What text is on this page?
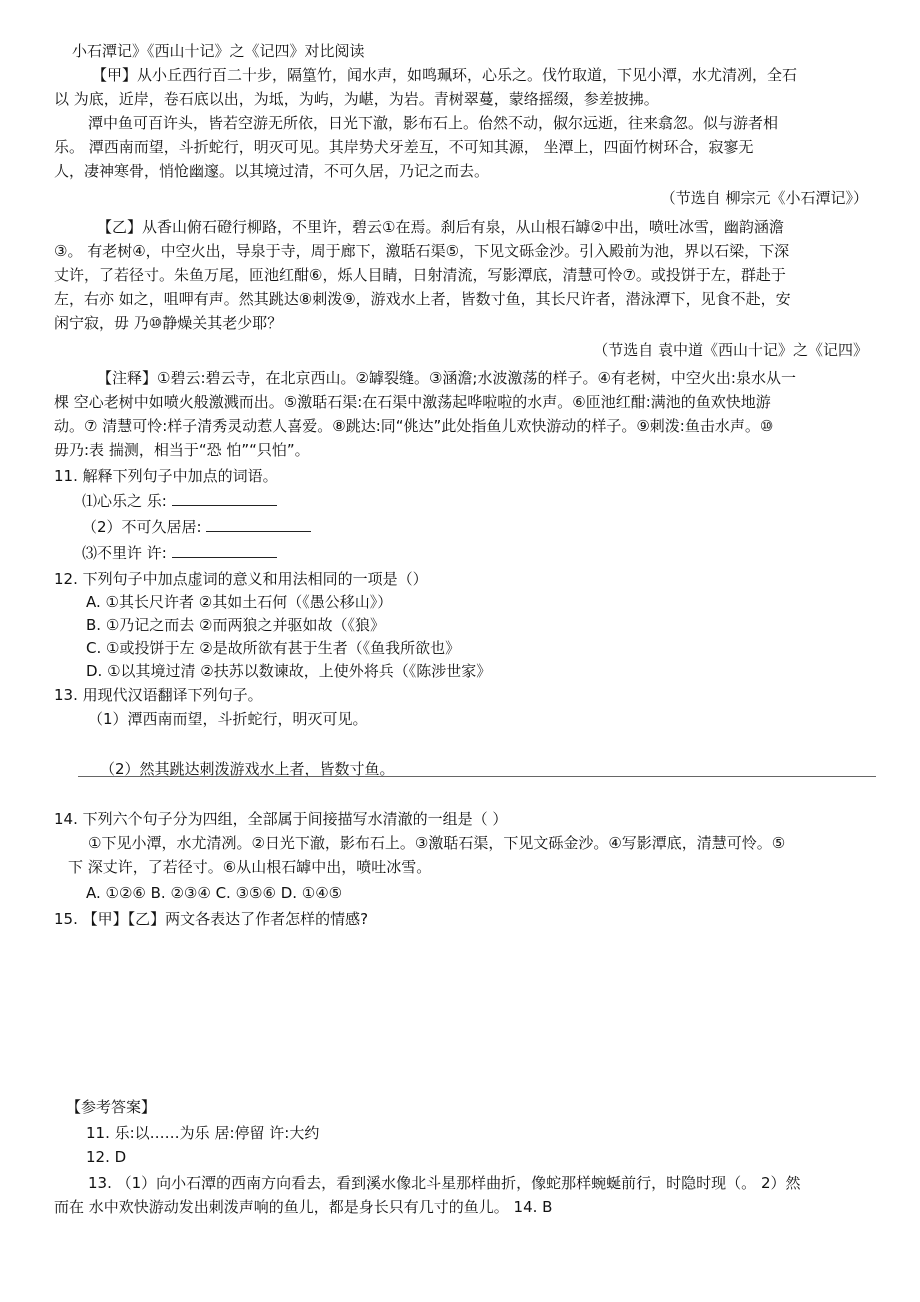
小石潭记》《西山十记》之《记四》对比阅读
【甲】从小丘西行百二十步，隔篁竹，闻水声，如鸣珮环，心乐之。伐竹取道，下见小潭，水尤清冽，全石
以 为底，近岸，卷石底以出，为坻，为屿，为嵁，为岩。青树翠蔓，蒙络摇缀，参差披拂。
潭中鱼可百许头，皆若空游无所依，日光下澈，影布石上。佁然不动，俶尔远逝，往来翕忽。似与游者相
乐。 潭西南而望，斗折蛇行，明灭可见。其岸势犬牙差互，不可知其源， 坐潭上，四面竹树环合，寂寥无
人，凄神寒骨，悄怆幽邃。以其境过清，不可久居，乃记之而去。
（节选自 柳宗元《小石潭记》）
【乙】从香山俯石磴行柳路，不里许，碧云①在焉。刹后有泉，从山根石罅②中出，喷吐冰雪，幽韵涵澹
③。 有老树④，中空火出，导泉于寺，周于廊下，激聒石渠⑤，下见文砾金沙。引入殿前为池，界以石梁，下深
丈许，了若径寸。朱鱼万尾，匝池红酣⑥，烁人目睛，日射清流，写影潭底，清慧可怜⑦。或投饼于左，群赴于
左，右亦 如之，咀呷有声。然其跳达⑧刺泼⑨，游戏水上者，皆数寸鱼，其长尺许者，潜泳潭下，见食不赴，安
闲宁寂，毋 乃⑩静燥关其老少耶？
（节选自 袁中道《西山十记》之《记四》
【注释】①碧云:碧云寺，在北京西山。②罅裂缝。③涵澹;水波激荡的样子。④有老树，中空火出:泉水从一
棵 空心老树中如喷火般激溅而出。⑤激聒石渠:在石渠中激荡起哗啦啦的水声。⑥匝池红酣:满池的鱼欢快地游
动。⑦ 清慧可怜:样子清秀灵动惹人喜爱。⑧跳达:同“佻达”此处指鱼儿欢快游动的样子。⑨刺泼:鱼击水声。⑩
毋乃:表 揣测，相当于“恐 怕”“只怕”。
11. 解释下列句子中加点的词语。
⑴心乐之 乐:
（2）不可久居居:
⑶不里许 许:
12. 下列句子中加点虚词的意义和用法相同的一项是（）
A. ①其长尺许者 ②其如土石何（《愚公移山》）
B. ①乃记之而去 ②而两狼之并驱如故（《狼》
C. ①或投饼于左 ②是故所欲有甚于生者（《鱼我所欲也》
D. ①以其境过清 ②扶苏以数谏故，上使外将兵（《陈涉世家》
13. 用现代汉语翻译下列句子。
（1）潭西南而望，斗折蛇行，明灭可见。
（2）然其跳达刺泼游戏水上者，皆数寸鱼。
14. 下列六个句子分为四组，全部属于间接描写水清澈的一组是（ ）
①下见小潭，水尤清冽。②日光下澈，影布石上。③激聒石渠，下见文砾金沙。④写影潭底，清慧可怜。⑤
下 深丈许，了若径寸。⑥从山根石罅中出，喷吐冰雪。
A. ①②⑥ B. ②③④ C. ③⑤⑥ D. ①④⑤
15. 【甲】【乙】两文各表达了作者怎样的情感?
【参考答案】
11. 乐:以……为乐 居:停留 许:大约
12. D
13. （1）向小石潭的西南方向看去，看到溪水像北斗星那样曲折，像蛇那样蜿蜒前行，时隐时现（。 2）然
而在 水中欢快游动发出刺泼声响的鱼儿，都是身长只有几寸的鱼儿。 14. B
